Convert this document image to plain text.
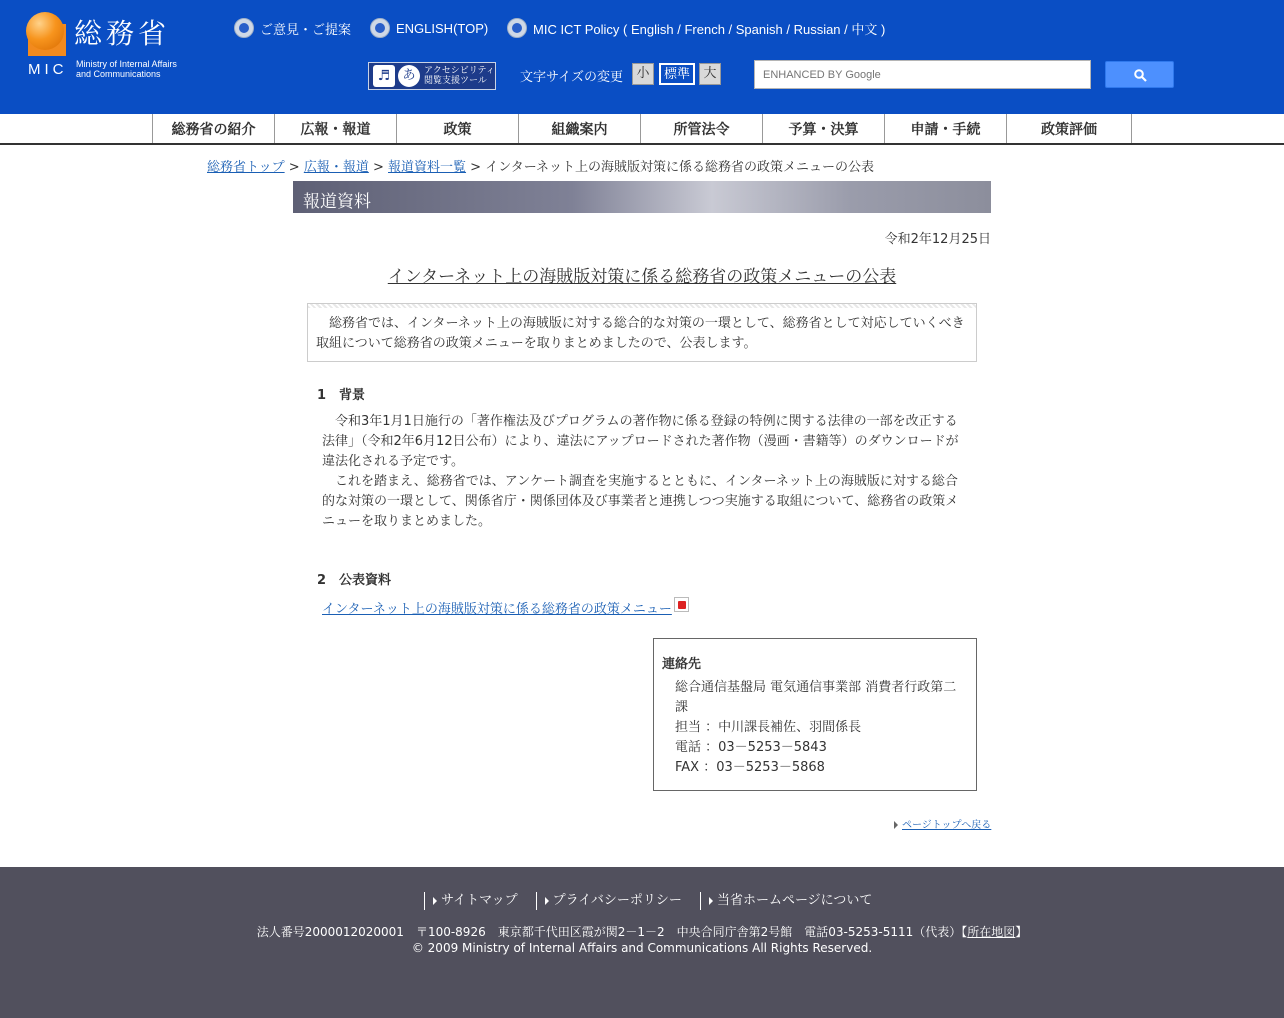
総務省
MIC Ministry of Internal Affairs
and Communications
ご意見・ご提案	ENGLISH(TOP)	MIC ICT Policy ( English / French / Spanish / Russian / 中文 )
♬ あ アクセシビリティ
閲覧支援ツール	文字サイズの変更	小	標準	大
ENHANCED BY Google
総務省の紹介	広報・報道	政策	組織案内	所管法令	予算・決算	申請・手続	政策評価
総務省トップ > 広報・報道 > 報道資料一覧 > インターネット上の海賊版対策に係る総務省の政策メニューの公表
報道資料
令和2年12月25日
インターネット上の海賊版対策に係る総務省の政策メニューの公表
　総務省では、インターネット上の海賊版に対する総合的な対策の一環として、総務省として対応していくべき取組について総務省の政策メニューを取りまとめましたので、公表します。
1　背景
　令和3年1月1日施行の「著作権法及びプログラムの著作物に係る登録の特例に関する法律の一部を改正する法律」（令和2年6月12日公布）により、違法にアップロードされた著作物（漫画・書籍等）のダウンロードが違法化される予定です。
　これを踏まえ、総務省では、アンケート調査を実施するとともに、インターネット上の海賊版に対する総合的な対策の一環として、関係省庁・関係団体及び事業者と連携しつつ実施する取組について、総務省の政策メニューを取りまとめました。
2　公表資料
インターネット上の海賊版対策に係る総務省の政策メニュー
連絡先
総合通信基盤局 電気通信事業部 消費者行政第二課
担当 ：中川課長補佐、羽間係長
電話 ：03－5253－5843
FAX ：03－5253－5868
ページトップへ戻る
サイトマップ	プライバシーポリシー	当省ホームページについて
法人番号2000012020001　〒100-8926　東京都千代田区霞が関2－1－2　中央合同庁舎第2号館　電話03-5253-5111（代表）【所在地図】
© 2009 Ministry of Internal Affairs and Communications All Rights Reserved.
